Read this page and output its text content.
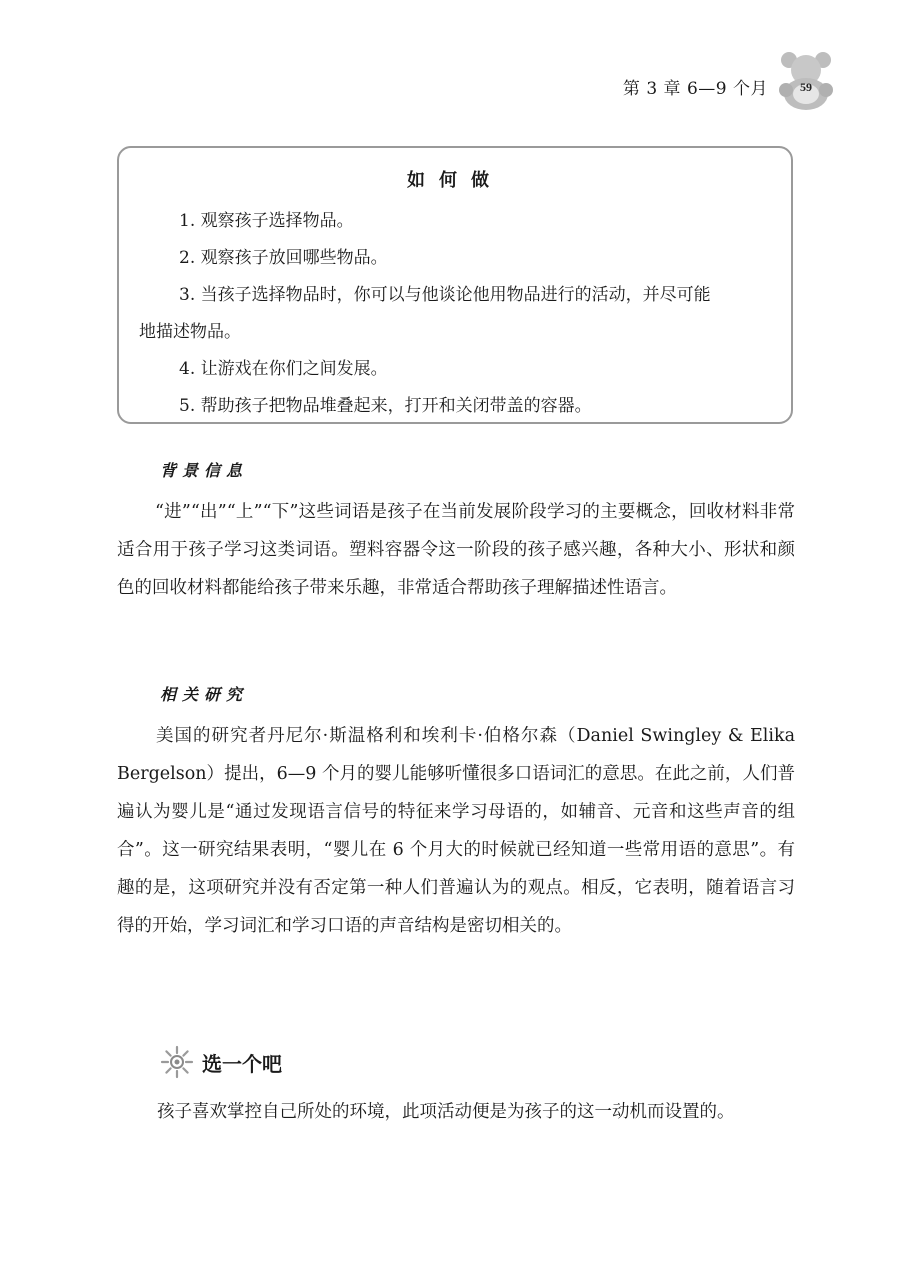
第 3 章 6—9 个月	59
如何做
1. 观察孩子选择物品。
2. 观察孩子放回哪些物品。
3. 当孩子选择物品时，你可以与他谈论他用物品进行的活动，并尽可能
地描述物品。
4. 让游戏在你们之间发展。
5. 帮助孩子把物品堆叠起来，打开和关闭带盖的容器。
背景信息

“进”“出”“上”“下”这些词语是孩子在当前发展阶段学习的主要概念，回收材料非常适合用于孩子学习这类词语。塑料容器令这一阶段的孩子感兴趣，各种大小、形状和颜色的回收材料都能给孩子带来乐趣，非常适合帮助孩子理解描述性语言。

相关研究

美国的研究者丹尼尔·斯温格利和埃利卡·伯格尔森（Daniel Swingley & Elika Bergelson）提出，6—9 个月的婴儿能够听懂很多口语词汇的意思。在此之前，人们普遍认为婴儿是“通过发现语言信号的特征来学习母语的，如辅音、元音和这些声音的组合”。这一研究结果表明，“婴儿在 6 个月大的时候就已经知道一些常用语的意思”。有趣的是，这项研究并没有否定第一种人们普遍认为的观点。相反，它表明，随着语言习得的开始，学习词汇和学习口语的声音结构是密切相关的。

选一个吧
孩子喜欢掌控自己所处的环境，此项活动便是为孩子的这一动机而设置的。
